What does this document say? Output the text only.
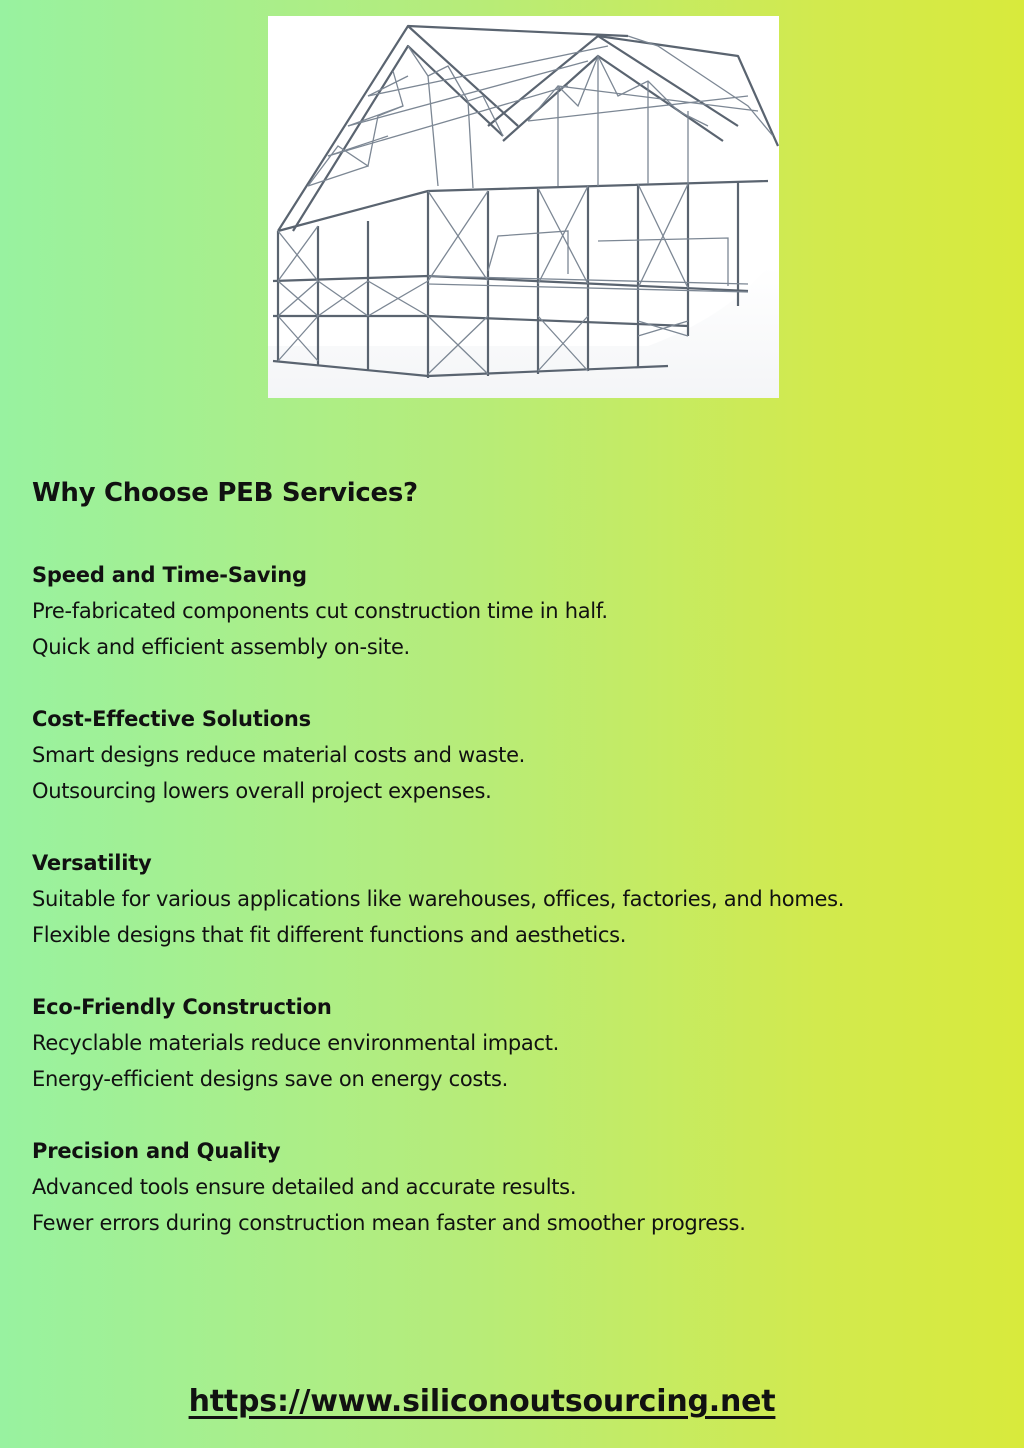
Why Choose PEB Services?
Speed and Time-Saving
Pre-fabricated components cut construction time in half.
Quick and efficient assembly on-site.
Cost-Effective Solutions
Smart designs reduce material costs and waste.
Outsourcing lowers overall project expenses.
Versatility
Suitable for various applications like warehouses, offices, factories, and homes.
Flexible designs that fit different functions and aesthetics.
Eco-Friendly Construction
Recyclable materials reduce environmental impact.
Energy-efficient designs save on energy costs.
Precision and Quality
Advanced tools ensure detailed and accurate results.
Fewer errors during construction mean faster and smoother progress.
https://www.siliconoutsourcing.net
